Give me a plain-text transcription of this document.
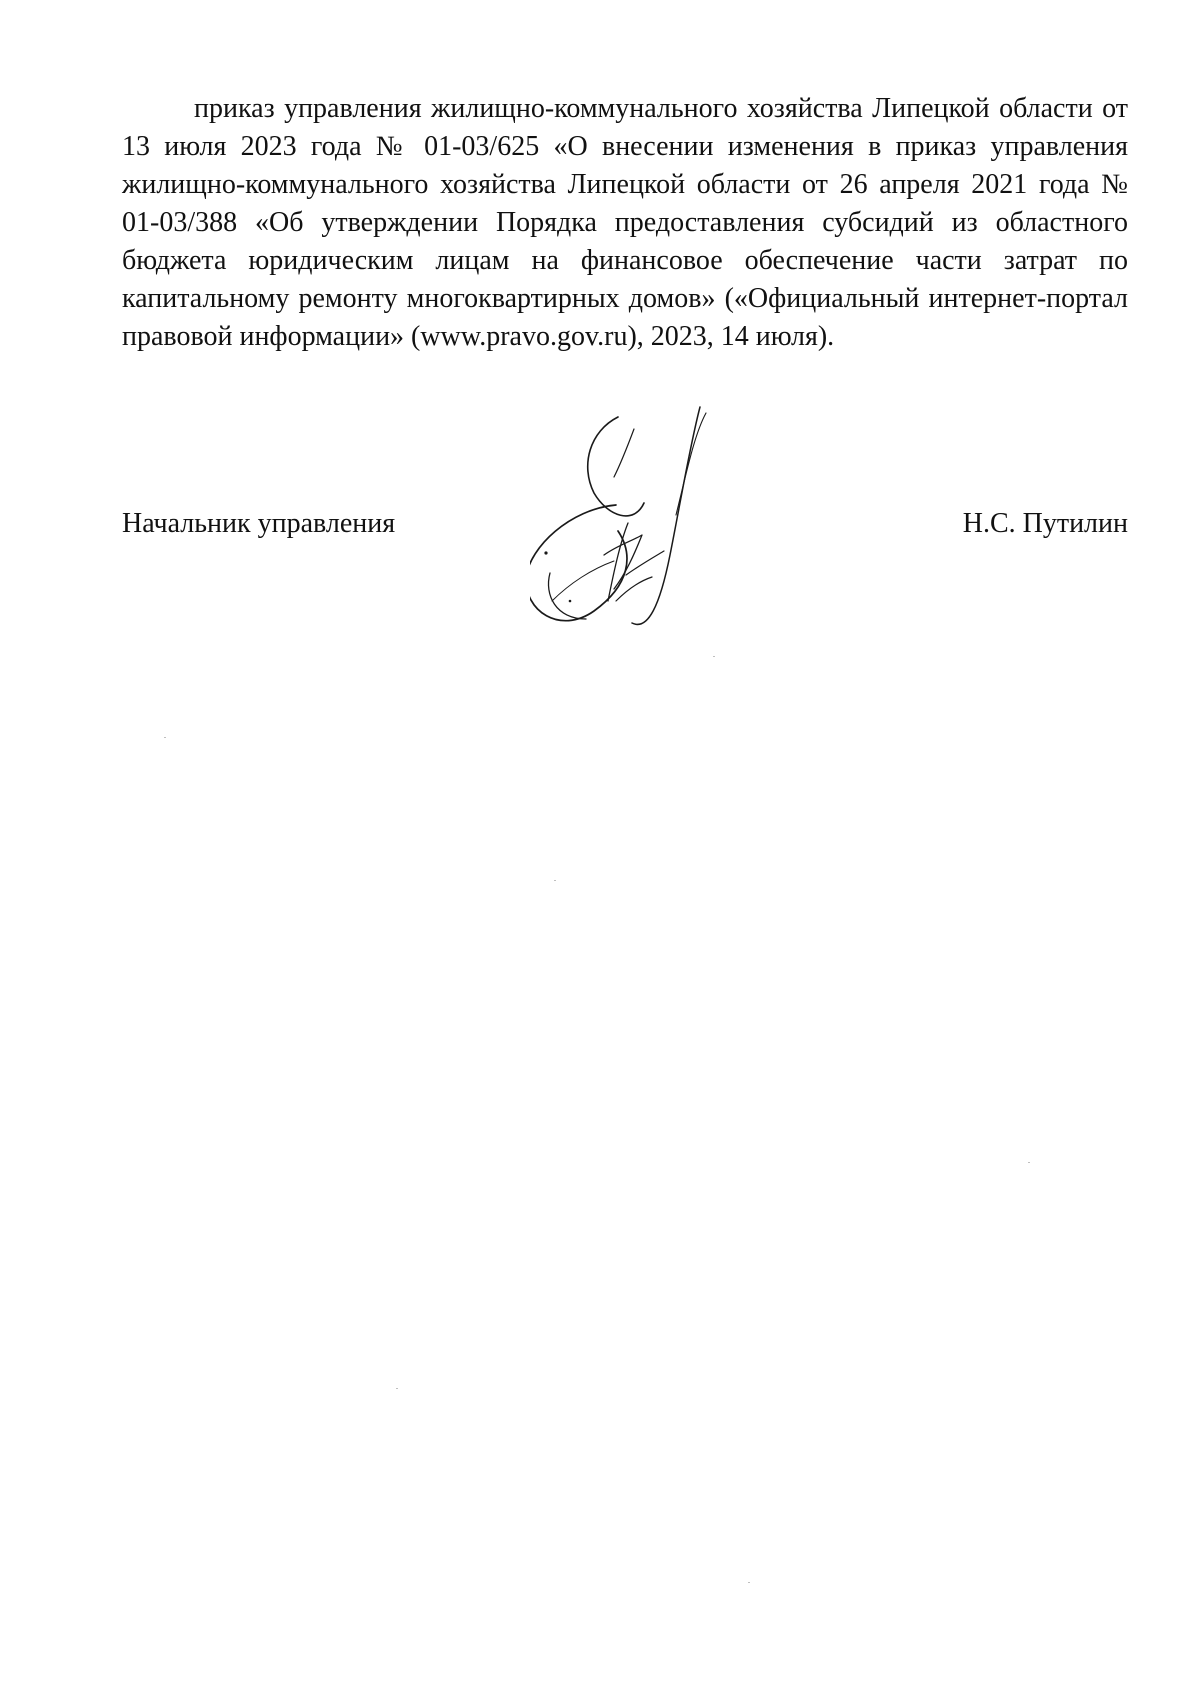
приказ управления жилищно-коммунального хозяйства Липецкой области от 13 июля 2023 года № 01-03/625 «О внесении изменения в приказ управления жилищно-коммунального хозяйства Липецкой области от 26 апреля 2021 года № 01-03/388 «Об утверждении Порядка предоставления субсидий из областного бюджета юридическим лицам на финансовое обеспечение части затрат по капитальному ремонту многоквартирных домов» («Официальный интернет-портал правовой информации» (www.pravo.gov.ru), 2023, 14 июля).

Начальник управления	Н.С. Путилин
